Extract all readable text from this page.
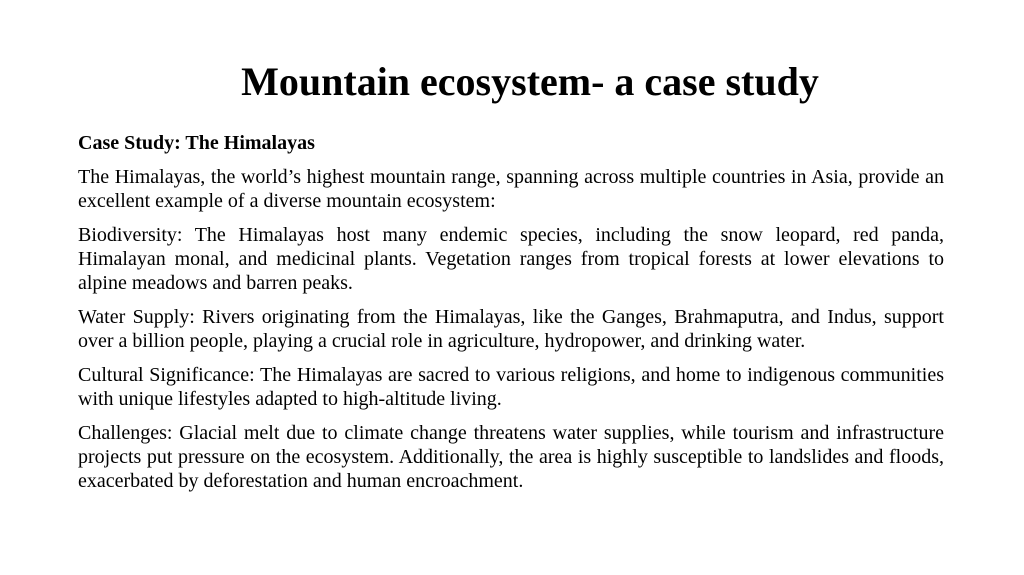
Mountain ecosystem- a case study

Case Study: The Himalayas

The Himalayas, the world’s highest mountain range, spanning across multiple countries in Asia, provide an excellent example of a diverse mountain ecosystem:

Biodiversity: The Himalayas host many endemic species, including the snow leopard, red panda, Himalayan monal, and medicinal plants. Vegetation ranges from tropical forests at lower elevations to alpine meadows and barren peaks.

Water Supply: Rivers originating from the Himalayas, like the Ganges, Brahmaputra, and Indus, support over a billion people, playing a crucial role in agriculture, hydropower, and drinking water.

Cultural Significance: The Himalayas are sacred to various religions, and home to indigenous communities with unique lifestyles adapted to high-altitude living.

Challenges: Glacial melt due to climate change threatens water supplies, while tourism and infrastructure projects put pressure on the ecosystem. Additionally, the area is highly susceptible to landslides and floods, exacerbated by deforestation and human encroachment.
